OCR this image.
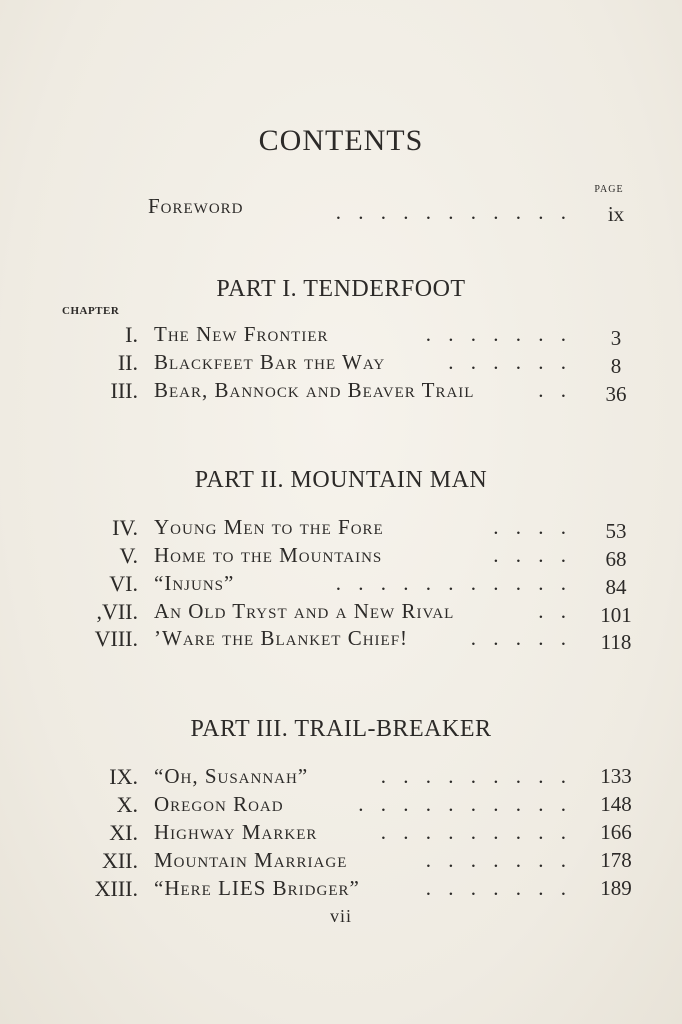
CONTENTS
PAGE
Foreword	. . . . . . . . . . .	ix
PART I. TENDERFOOT
CHAPTER
I. The New Frontier	. . . . . . .	3
II. Blackfeet Bar the Way	. . . . . .	8
III. Bear, Bannock and Beaver Trail	. .	36
PART II. MOUNTAIN MAN
IV. Young Men to the Fore	. . . .	53
V. Home to the Mountains	. . . .	68
VI. “Injuns”	. . . . . . . . . . .	84
,VII. An Old Tryst and a New Rival	. .	101
VIII. ’Ware the Blanket Chief!	. . . . .	118
PART III. TRAIL-BREAKER
IX. “Oh, Susannah”	. . . . . . . . .	133
X. Oregon Road	. . . . . . . . . .	148
XI. Highway Marker	. . . . . . . . .	166
XII. Mountain Marriage	. . . . . . .	178
XIII. “Here LIES Bridger”	. . . . . . .	189
vii
